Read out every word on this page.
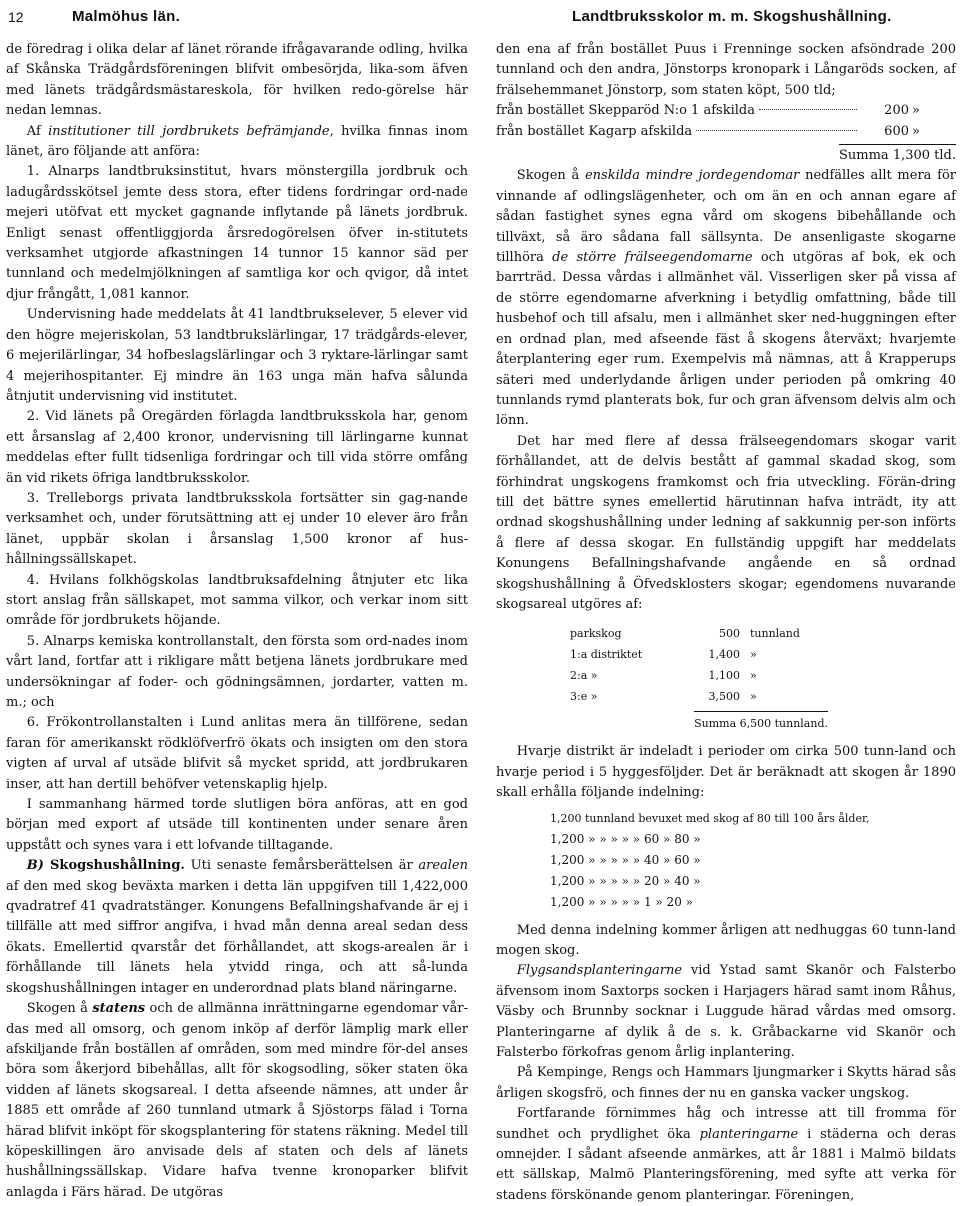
12	Malmöhus län.	Landtbruksskolor m. m. Skogshushållning.

de föredrag i olika delar af länet rörande ifrågavarande odling, hvilka af Skånska Trädgårdsföreningen blifvit ombesörjda, lika-som äfven med länets trädgårdsmästareskola, för hvilken redo-görelse här nedan lemnas.

Af institutioner till jordbrukets befrämjande, hvilka finnas inom länet, äro följande att anföra:

1. Alnarps landtbruksinstitut, hvars mönstergilla jordbruk och ladugårdsskötsel jemte dess stora, efter tidens fordringar ord-nade mejeri utöfvat ett mycket gagnande inflytande på länets jordbruk. Enligt senast offentliggjorda årsredogörelsen öfver in-stitutets verksamhet utgjorde afkastningen 14 tunnor 15 kannor säd per tunnland och medelmjölkningen af samtliga kor och qvigor, då intet djur frångått, 1,081 kannor.

Undervisning hade meddelats åt 41 landtbrukselever, 5 elever vid den högre mejeriskolan, 53 landtbrukslärlingar, 17 trädgårds-elever, 6 mejerilärlingar, 34 hofbeslagslärlingar och 3 ryktare-lärlingar samt 4 mejerihospitanter. Ej mindre än 163 unga män hafva sålunda åtnjutit undervisning vid institutet.

2. Vid länets på Oregärden förlagda landtbruksskola har, genom ett årsanslag af 2,400 kronor, undervisning till lärlingarne kunnat meddelas efter fullt tidsenliga fordringar och till vida större omfång än vid rikets öfriga landtbruksskolor.

3. Trelleborgs privata landtbruksskola fortsätter sin gag-nande verksamhet och, under förutsättning att ej under 10 elever äro från länet, uppbär skolan i årsanslag 1,500 kronor af hus-hållningssällskapet.

4. Hvilans folkhögskolas landtbruksafdelning åtnjuter etc lika stort anslag från sällskapet, mot samma vilkor, och verkar inom sitt område för jordbrukets höjande.

5. Alnarps kemiska kontrollanstalt, den första som ord-nades inom vårt land, fortfar att i rikligare mått betjena länets jordbrukare med undersökningar af foder- och gödningsämnen, jordarter, vatten m. m.; och

6. Frökontrollanstalten i Lund anlitas mera än tillförene, sedan faran för amerikanskt rödklöfverfrö ökats och insigten om den stora vigten af urval af utsäde blifvit så mycket spridd, att jordbrukaren inser, att han dertill behöfver vetenskaplig hjelp.

I sammanhang härmed torde slutligen böra anföras, att en god början med export af utsäde till kontinenten under senare åren uppstått och synes vara i ett lofvande tilltagande.

B) Skogshushållning. Uti senaste femårsberättelsen är arealen af den med skog beväxta marken i detta län uppgifven till 1,422,000 qvadratref 41 qvadratstänger. Konungens Befallningshafvande är ej i tillfälle att med siffror angifva, i hvad mån denna areal sedan dess ökats. Emellertid qvarstår det förhållandet, att skogs-arealen är i förhållande till länets hela ytvidd ringa, och att så-lunda skogshushållningen intager en underordnad plats bland näringarne.

Skogen å statens och de allmänna inrättningarne egendomar vår-das med all omsorg, och genom inköp af derför lämplig mark eller afskiljande från boställen af områden, som med mindre för-del anses böra som åkerjord bibehållas, allt för skogsodling, söker staten öka vidden af länets skogsareal. I detta afseende nämnes, att under år 1885 ett område af 260 tunnland utmark å Sjöstorps fälad i Torna härad blifvit inköpt för skogsplantering för statens räkning. Medel till köpeskillingen äro anvisade dels af staten och dels af länets hushållningssällskap. Vidare hafva tvenne kronoparker blifvit anlagda i Färs härad. De utgöras

den ena af från bostället Puus i Frenninge socken afsöndrade 200 tunnland och den andra, Jönstorps kronopark i Långaröds socken, af frälsehemmanet Jönstorp, som staten köpt, 500 tld;

från bostället Skepparöd N:o 1 afskilda	200 »
från bostället Kagarp afskilda	600 »
Summa 1,300 tld.

Skogen å enskilda mindre jordegendomar nedfälles allt mera för vinnande af odlingslägenheter, och om än en och annan egare af sådan fastighet synes egna vård om skogens bibehållande och tillväxt, så äro sådana fall sällsynta. De ansenligaste skogarne tillhöra de större frälseegendomarne och utgöras af bok, ek och barrträd. Dessa vårdas i allmänhet väl. Visserligen sker på vissa af de större egendomarne afverkning i betydlig omfattning, både till husbehof och till afsalu, men i allmänhet sker ned-huggningen efter en ordnad plan, med afseende fäst å skogens återväxt; hvarjemte återplantering eger rum. Exempelvis må nämnas, att å Krapperups säteri med underlydande årligen under perioden på omkring 40 tunnlands rymd planterats bok, fur och gran äfvensom delvis alm och lönn.

Det har med flere af dessa frälseegendomars skogar varit förhållandet, att de delvis bestått af gammal skadad skog, som förhindrat ungskogens framkomst och fria utveckling. Förän-dring till det bättre synes emellertid härutinnan hafva inträdt, ity att ordnad skogshushållning under ledning af sakkunnig per-son införts å flere af dessa skogar. En fullständig uppgift har meddelats Konungens Befallningshafvande angående en så ordnad skogshushållning å Öfvedsklosters skogar; egendomens nuvarande skogsareal utgöres af:

parkskog	500 tunnland
1:a distriktet	1,400 »
2:a »	1,100 »
3:e »	3,500 »
Summa 6,500 tunnland.

Hvarje distrikt är indeladt i perioder om cirka 500 tunn-land och hvarje period i 5 hyggesföljder. Det är beräknadt att skogen år 1890 skall erhålla följande indelning:

1,200 tunnland bevuxet med skog af 80 till 100 års ålder,
1,200 » » » » » 60 » 80 »
1,200 » » » » » 40 » 60 »
1,200 » » » » » 20 » 40 »
1,200 » » » » » 1 » 20 »

Med denna indelning kommer årligen att nedhuggas 60 tunn-land mogen skog.

Flygsandsplanteringarne vid Ystad samt Skanör och Falsterbo äfvensom inom Saxtorps socken i Harjagers härad samt inom Råhus, Väsby och Brunnby socknar i Luggude härad vårdas med omsorg. Planteringarne af dylik å de s. k. Gråbackarne vid Skanör och Falsterbo förkofras genom årlig inplantering.

På Kempinge, Rengs och Hammars ljungmarker i Skytts härad sås årligen skogsfrö, och finnes der nu en ganska vacker ungskog.

Fortfarande förnimmes håg och intresse att till fromma för sundhet och prydlighet öka planteringarne i städerna och deras omnejder. I sådant afseende anmärkes, att år 1881 i Malmö bildats ett sällskap, Malmö Planteringsförening, med syfte att verka för stadens förskönande genom planteringar. Föreningen,
